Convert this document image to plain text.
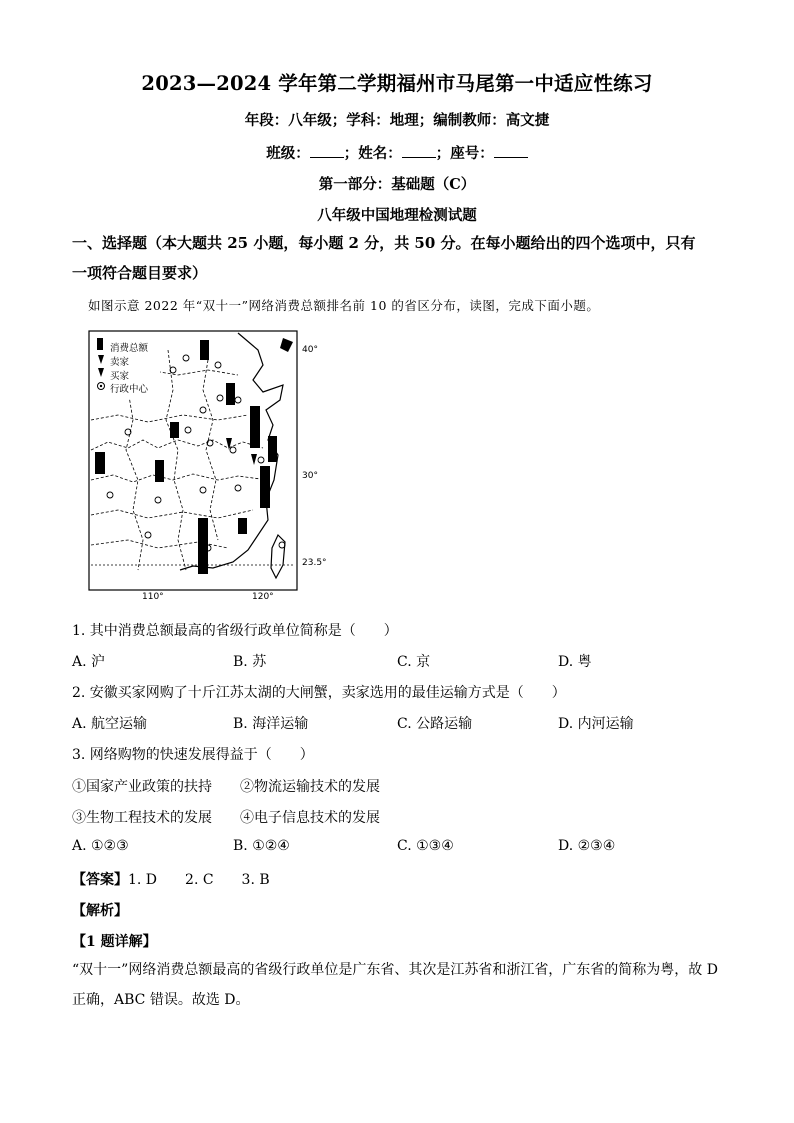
2023—2024 学年第二学期福州市马尾第一中适应性练习
年段：八年级；学科：地理；编制教师：高文捷
班级： ；姓名： ；座号：
第一部分：基础题（C）
八年级中国地理检测试题
一、选择题（本大题共 25 小题，每小题 2 分，共 50 分。在每小题给出的四个选项中，只有
一项符合题目要求）
如图示意 2022 年“双十一”网络消费总额排名前 10 的省区分布，读图，完成下面小题。
消费总额
卖家
买家
行政中心
40°
30°
23.5°
110°	120°
1. 其中消费总额最高的省级行政单位简称是（　　）
A. 沪	B. 苏	C. 京	D. 粤
2. 安徽买家网购了十斤江苏太湖的大闸蟹，卖家选用的最佳运输方式是（　　）
A. 航空运输	B. 海洋运输	C. 公路运输	D. 内河运输
3. 网络购物的快速发展得益于（　　）
①国家产业政策的扶持 ②物流运输技术的发展
③生物工程技术的发展 ④电子信息技术的发展
A. ①②③	B. ①②④	C. ①③④	D. ②③④
【答案】1. D　　2. C　　3. B
【解析】
【1 题详解】
“双十一”网络消费总额最高的省级行政单位是广东省、其次是江苏省和浙江省，广东省的简称为粤，故 D
正确，ABC 错误。故选 D。
